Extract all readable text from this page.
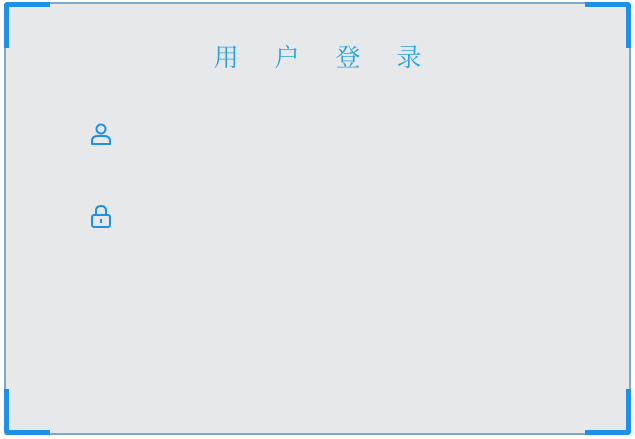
用 户 登 录
